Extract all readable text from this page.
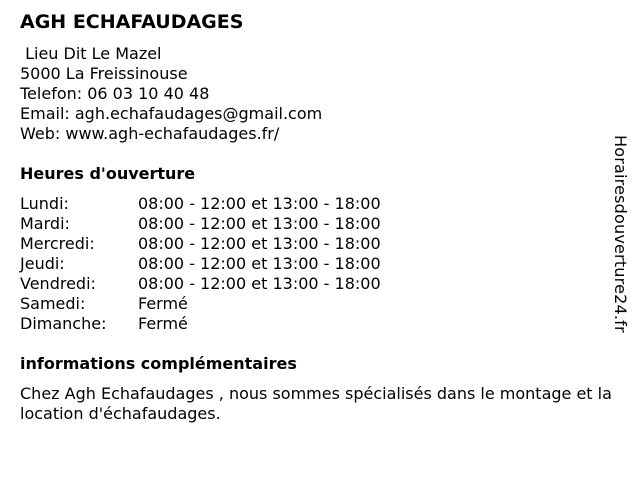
AGH ECHAFAUDAGES
Lieu Dit Le Mazel
5000 La Freissinouse
Telefon: 06 03 10 40 48
Email: agh.echafaudages@gmail.com
Web: www.agh-echafaudages.fr/
Heures d'ouverture
Lundi:	08:00 - 12:00 et 13:00 - 18:00
Mardi:	08:00 - 12:00 et 13:00 - 18:00
Mercredi:	08:00 - 12:00 et 13:00 - 18:00
Jeudi:	08:00 - 12:00 et 13:00 - 18:00
Vendredi:	08:00 - 12:00 et 13:00 - 18:00
Samedi:	Fermé
Dimanche:	Fermé
informations complémentaires

Chez Agh Echafaudages , nous sommes spécialisés dans le montage et la location d'échafaudages.

Horairesdouverture24.fr
